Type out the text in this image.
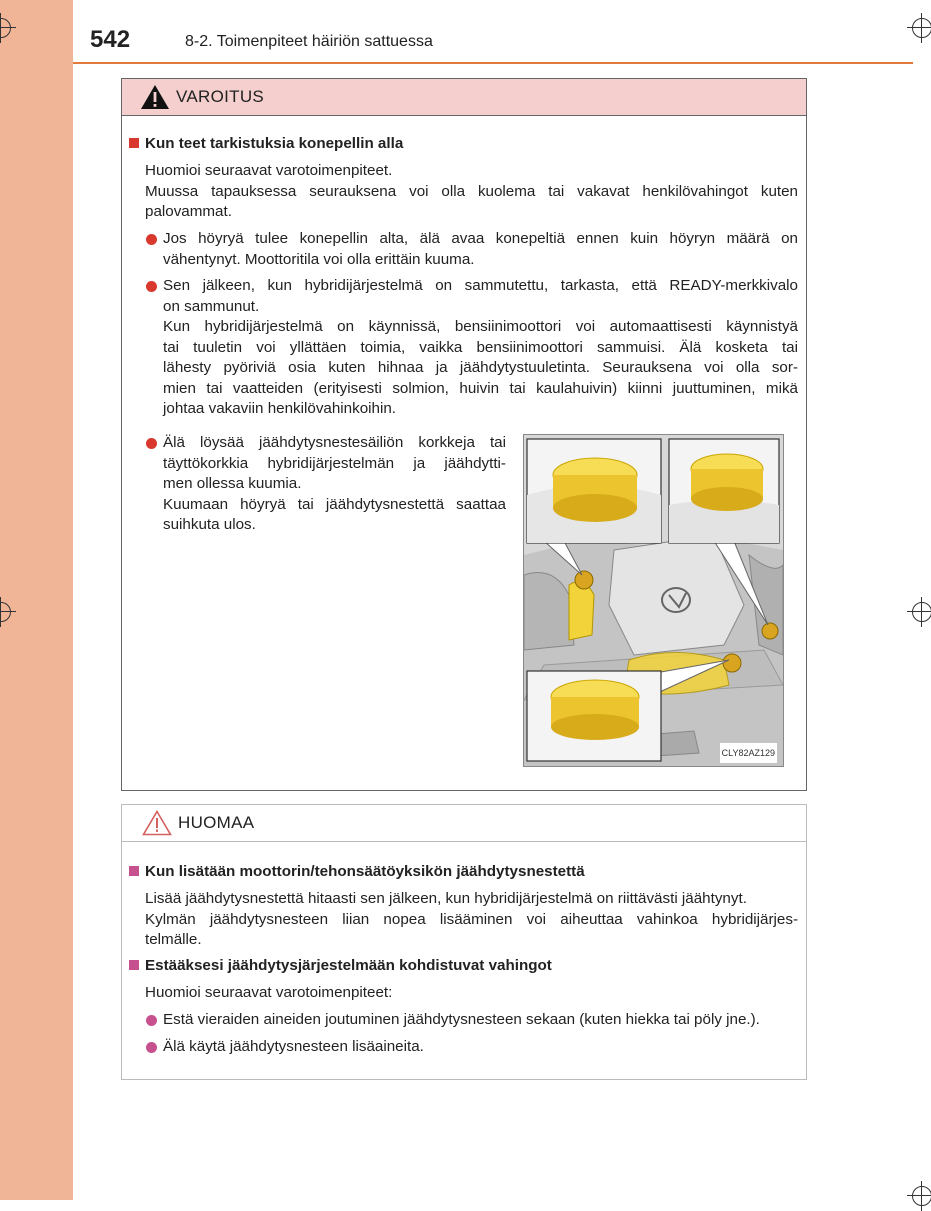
542	8-2. Toimenpiteet häiriön sattuessa
VAROITUS
Kun teet tarkistuksia konepellin alla
Huomioi seuraavat varotoimenpiteet.
Muussa tapauksessa seurauksena voi olla kuolema tai vakavat henkilövahingot kuten
palovammat.
Jos höyryä tulee konepellin alta, älä avaa konepeltiä ennen kuin höyryn määrä on
vähentynyt. Moottoritila voi olla erittäin kuuma.
Sen jälkeen, kun hybridijärjestelmä on sammutettu, tarkasta, että READY-merkkivalo
on sammunut.
Kun hybridijärjestelmä on käynnissä, bensiinimoottori voi automaattisesti käynnistyä
tai tuuletin voi yllättäen toimia, vaikka bensiinimoottori sammuisi. Älä kosketa tai
lähesty pyöriviä osia kuten hihnaa ja jäähdytystuuletinta. Seurauksena voi olla sor-
mien tai vaatteiden (erityisesti solmion, huivin tai kaulahuivin) kiinni juuttuminen, mikä
johtaa vakaviin henkilövahinkoihin.
Älä löysää jäähdytysnestesäiliön korkkeja tai
täyttökorkkia hybridijärjestelmän ja jäähdytti-
men ollessa kuumia.
Kuumaan höyryä tai jäähdytysnestettä saattaa
suihkuta ulos.
CLY82AZ129
HUOMAA
Kun lisätään moottorin/tehonsäätöyksikön jäähdytysnestettä
Lisää jäähdytysnestettä hitaasti sen jälkeen, kun hybridijärjestelmä on riittävästi jäähtynyt.
Kylmän jäähdytysnesteen liian nopea lisääminen voi aiheuttaa vahinkoa hybridijärjes-
telmälle.
Estääksesi jäähdytysjärjestelmään kohdistuvat vahingot
Huomioi seuraavat varotoimenpiteet:
Estä vieraiden aineiden joutuminen jäähdytysnesteen sekaan (kuten hiekka tai pöly jne.).
Älä käytä jäähdytysnesteen lisäaineita.
